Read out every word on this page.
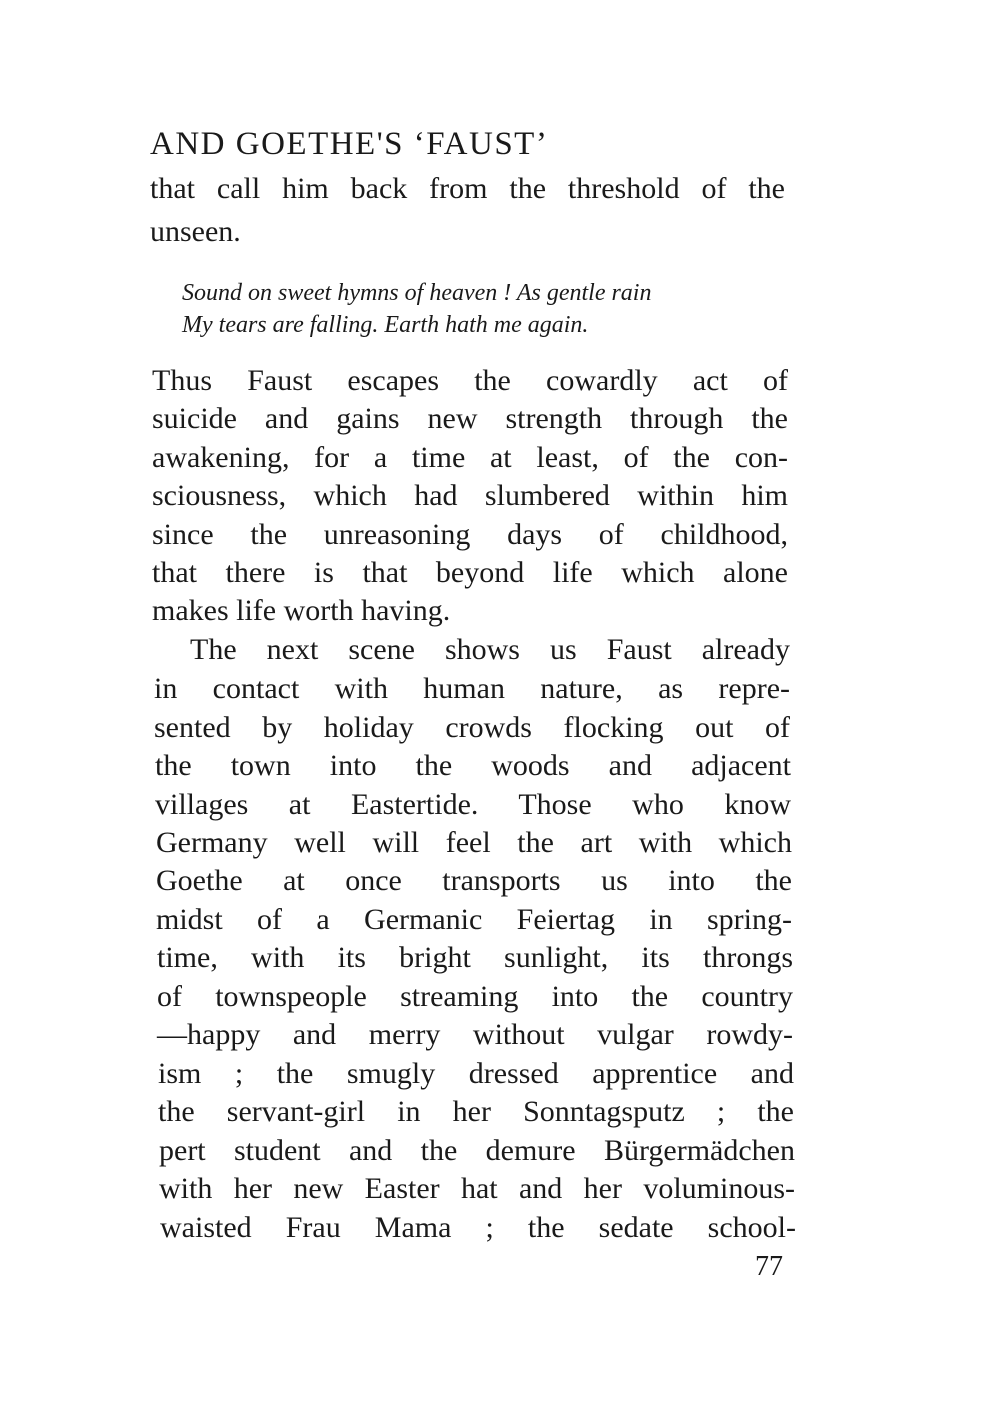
AND GOETHE'S ‘FAUST’
that call him back from the threshold of the
unseen.
Sound on sweet hymns of heaven ! As gentle rain
My tears are falling. Earth hath me again.
Thus Faust escapes the cowardly act of
suicide and gains new strength through the
awakening, for a time at least, of the con-
sciousness, which had slumbered within him
since the unreasoning days of childhood,
that there is that beyond life which alone
makes life worth having.
The next scene shows us Faust already
in contact with human nature, as repre-
sented by holiday crowds flocking out of
the town into the woods and adjacent
villages at Eastertide. Those who know
Germany well will feel the art with which
Goethe at once transports us into the
midst of a Germanic Feiertag in spring-
time, with its bright sunlight, its throngs
of townspeople streaming into the country
—happy and merry without vulgar rowdy-
ism ; the smugly dressed apprentice and
the servant-girl in her Sonntagsputz ; the
pert student and the demure Bürgermädchen
with her new Easter hat and her voluminous-
waisted Frau Mama ; the sedate school-
77
